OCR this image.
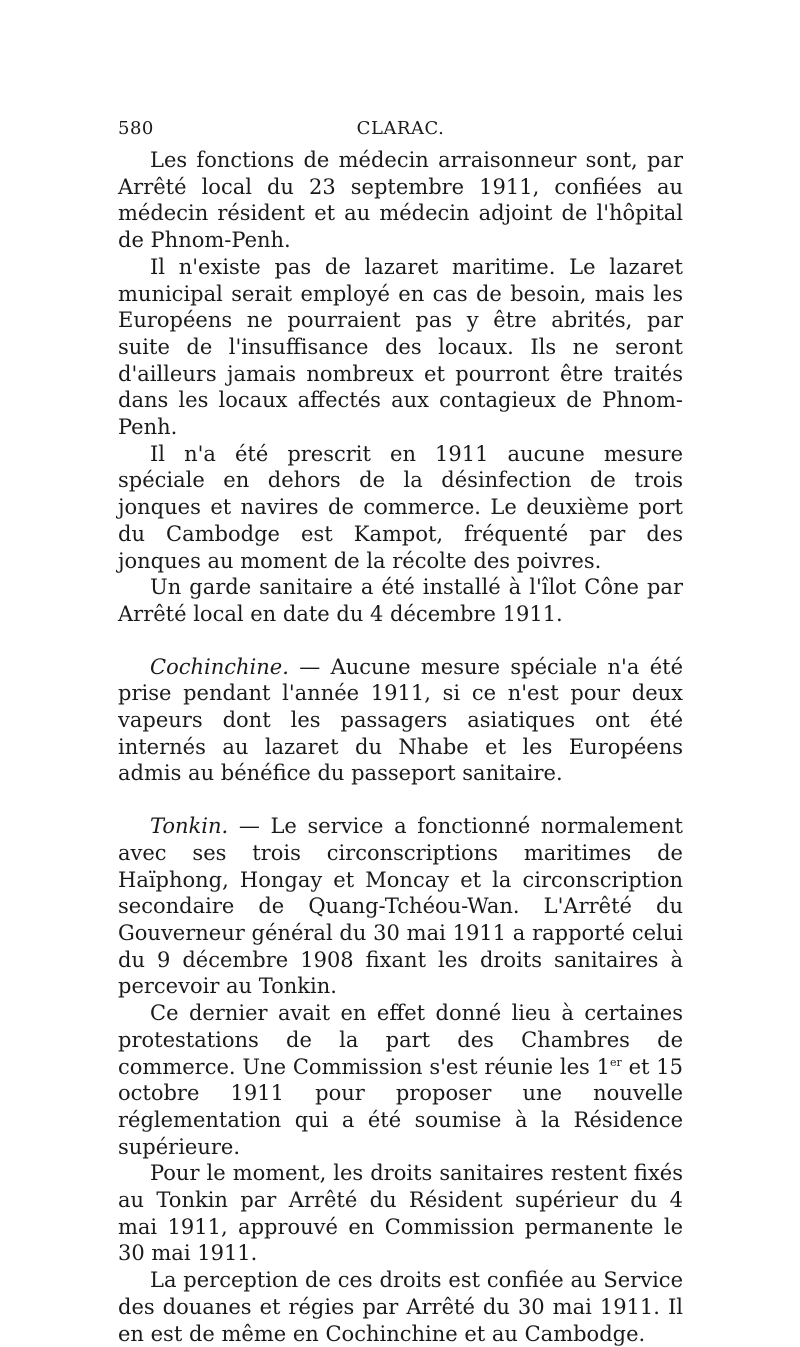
580	CLARAC.

Les fonctions de médecin arraisonneur sont, par Arrêté local du 23 septembre 1911, confiées au médecin résident et au médecin adjoint de l'hôpital de Phnom-Penh.

Il n'existe pas de lazaret maritime. Le lazaret municipal serait employé en cas de besoin, mais les Européens ne pourraient pas y être abrités, par suite de l'insuffisance des locaux. Ils ne seront d'ailleurs jamais nombreux et pourront être traités dans les locaux affectés aux contagieux de Phnom-Penh.

Il n'a été prescrit en 1911 aucune mesure spéciale en dehors de la désinfection de trois jonques et navires de commerce. Le deuxième port du Cambodge est Kampot, fréquenté par des jonques au moment de la récolte des poivres.

Un garde sanitaire a été installé à l'îlot Cône par Arrêté local en date du 4 décembre 1911.

Cochinchine. — Aucune mesure spéciale n'a été prise pendant l'année 1911, si ce n'est pour deux vapeurs dont les passagers asiatiques ont été internés au lazaret du Nhabe et les Européens admis au bénéfice du passeport sanitaire.

Tonkin. — Le service a fonctionné normalement avec ses trois circonscriptions maritimes de Haïphong, Hongay et Moncay et la circonscription secondaire de Quang-Tchéou-Wan. L'Arrêté du Gouverneur général du 30 mai 1911 a rapporté celui du 9 décembre 1908 fixant les droits sanitaires à percevoir au Tonkin.

Ce dernier avait en effet donné lieu à certaines protestations de la part des Chambres de commerce. Une Commission s'est réunie les 1er et 15 octobre 1911 pour proposer une nouvelle réglementation qui a été soumise à la Résidence supérieure.

Pour le moment, les droits sanitaires restent fixés au Tonkin par Arrêté du Résident supérieur du 4 mai 1911, approuvé en Commission permanente le 30 mai 1911.

La perception de ces droits est confiée au Service des douanes et régies par Arrêté du 30 mai 1911. Il en est de même en Cochinchine et au Cambodge.
